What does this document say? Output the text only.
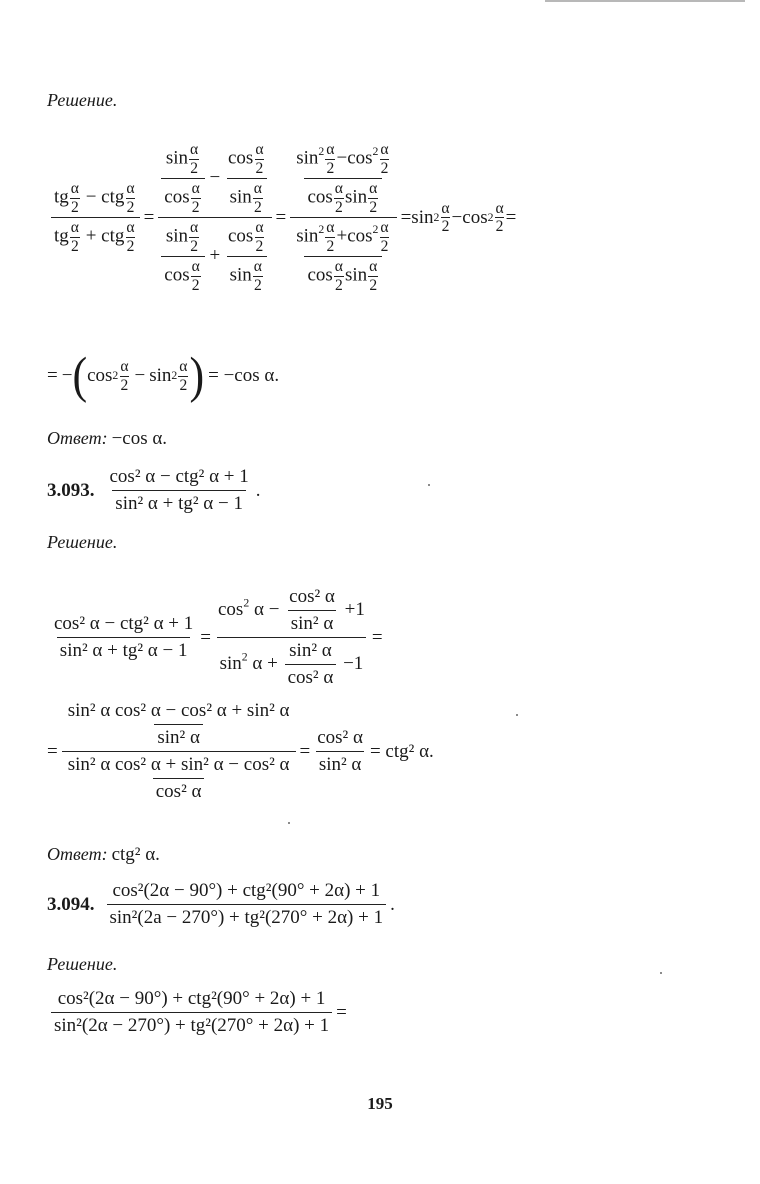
Решение.
tg $\frac{\alpha}{2}$ − ctg $\frac{\alpha}{2}$
tg $\frac{\alpha}{2}$ + ctg $\frac{\alpha}{2}$
=
$\frac{\sin \frac{\alpha}{2}}{\cos \frac{\alpha}{2}} - \frac{\cos \frac{\alpha}{2}}{\sin \frac{\alpha}{2}}$
$\frac{\sin \frac{\alpha}{2}}{\cos \frac{\alpha}{2}} + \frac{\cos \frac{\alpha}{2}}{\sin \frac{\alpha}{2}}$
= $\frac{\frac{\sin^2 \frac{\alpha}{2} -\cos^2 \frac{\alpha}{2}}{\cos \frac{\alpha}{2} \sin \frac{\alpha}{2}}}{\frac{\sin^2 \frac{\alpha}{2} +\cos^2 \frac{\alpha}{2}}{\cos \frac{\alpha}{2} \sin \frac{\alpha}{2}}} = \sin 2$
α
$2 - \cos 2 \frac{\alpha}{2}$ =
= − ( cos 2
α
2 − sin 2
α
2 ) = −cos α.
Ответ: −cos α.
3.093.
cos² α − ctg² α + 1
sin² α + tg² α − 1
.
Решение.
cos² α − ctg² α + 1
sin² α + tg² α − 1
= $\frac{\cos^2 \alpha - \frac{\text{cos² α}}{\text{sin² α}} +1}{\sin^2 \alpha + \frac{\text{sin² α}}{\text{cos² α}} -1}$ =
= $\frac{\frac{\text{sin² α cos² α − cos² α + sin² α}}{\text{sin² α}}}{\frac{\text{sin² α cos² α + sin² α − cos² α}}{\text{cos² α}}} = \frac{\text{cos² α}}{\text{sin² α}} = ctg^2$ α.
Ответ: ctg² α.
3.094.
cos²(2α − 90°) + ctg²(90° + 2α) + 1
sin²(2a − 270°) + tg²(270° + 2α) + 1
.
Решение.
cos²(2α − 90°) + ctg²(90° + 2α) + 1
sin²(2α − 270°) + tg²(270° + 2α) + 1
=
195
